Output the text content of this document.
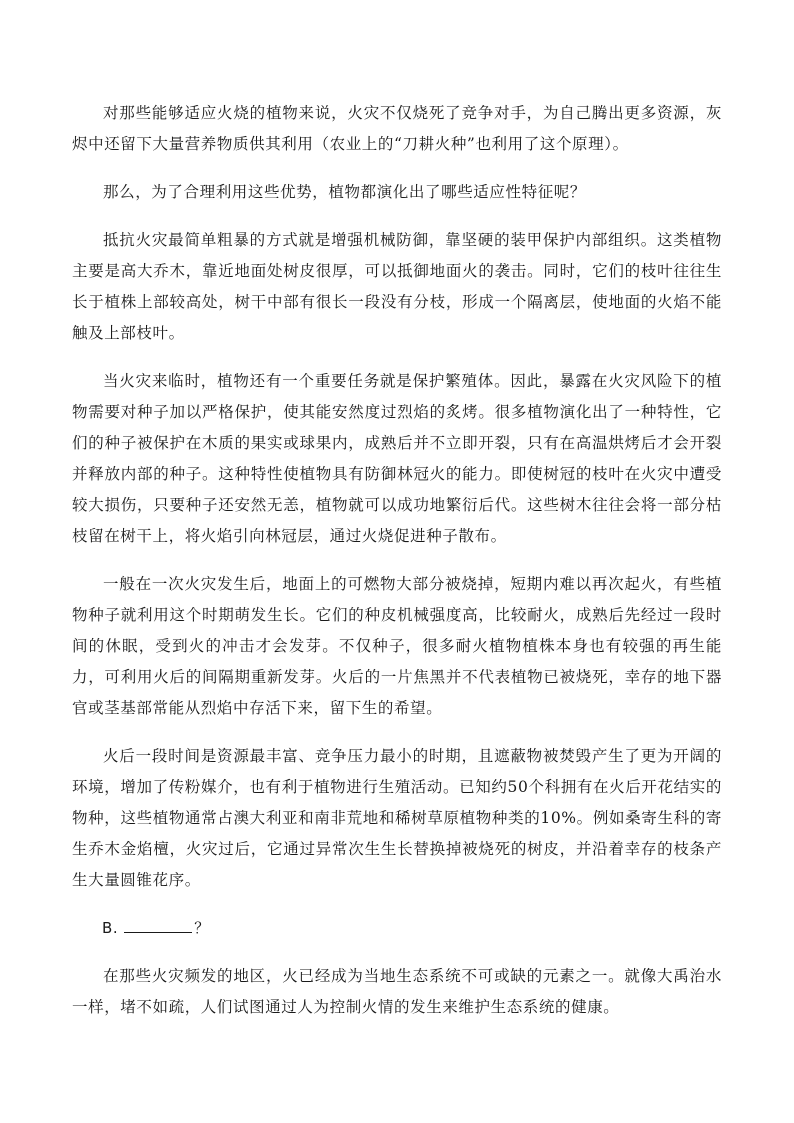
对那些能够适应火烧的植物来说，火灾不仅烧死了竞争对手，为自己腾出更多资源，灰烬中还留下大量营养物质供其利用（农业上的“刀耕火种”也利用了这个原理）。

那么，为了合理利用这些优势，植物都演化出了哪些适应性特征呢？

抵抗火灾最简单粗暴的方式就是增强机械防御，靠坚硬的装甲保护内部组织。这类植物主要是高大乔木，靠近地面处树皮很厚，可以抵御地面火的袭击。同时，它们的枝叶往往生长于植株上部较高处，树干中部有很长一段没有分枝，形成一个隔离层，使地面的火焰不能触及上部枝叶。

当火灾来临时，植物还有一个重要任务就是保护繁殖体。因此，暴露在火灾风险下的植物需要对种子加以严格保护，使其能安然度过烈焰的炙烤。很多植物演化出了一种特性，它们的种子被保护在木质的果实或球果内，成熟后并不立即开裂，只有在高温烘烤后才会开裂并释放内部的种子。这种特性使植物具有防御林冠火的能力。即使树冠的枝叶在火灾中遭受较大损伤，只要种子还安然无恙，植物就可以成功地繁衍后代。这些树木往往会将一部分枯枝留在树干上，将火焰引向林冠层，通过火烧促进种子散布。

一般在一次火灾发生后，地面上的可燃物大部分被烧掉，短期内难以再次起火，有些植物种子就利用这个时期萌发生长。它们的种皮机械强度高，比较耐火，成熟后先经过一段时间的休眠，受到火的冲击才会发芽。不仅种子，很多耐火植物植株本身也有较强的再生能力，可利用火后的间隔期重新发芽。火后的一片焦黑并不代表植物已被烧死，幸存的地下器官或茎基部常能从烈焰中存活下来，留下生的希望。

火后一段时间是资源最丰富、竞争压力最小的时期，且遮蔽物被焚毁产生了更为开阔的环境，增加了传粉媒介，也有利于植物进行生殖活动。已知约50个科拥有在火后开花结实的物种，这些植物通常占澳大利亚和南非荒地和稀树草原植物种类的10%。例如桑寄生科的寄生乔木金焰檀，火灾过后，它通过异常次生生长替换掉被烧死的树皮，并沿着幸存的枝条产生大量圆锥花序。

B.	？

在那些火灾频发的地区，火已经成为当地生态系统不可或缺的元素之一。就像大禹治水一样，堵不如疏，人们试图通过人为控制火情的发生来维护生态系统的健康。
